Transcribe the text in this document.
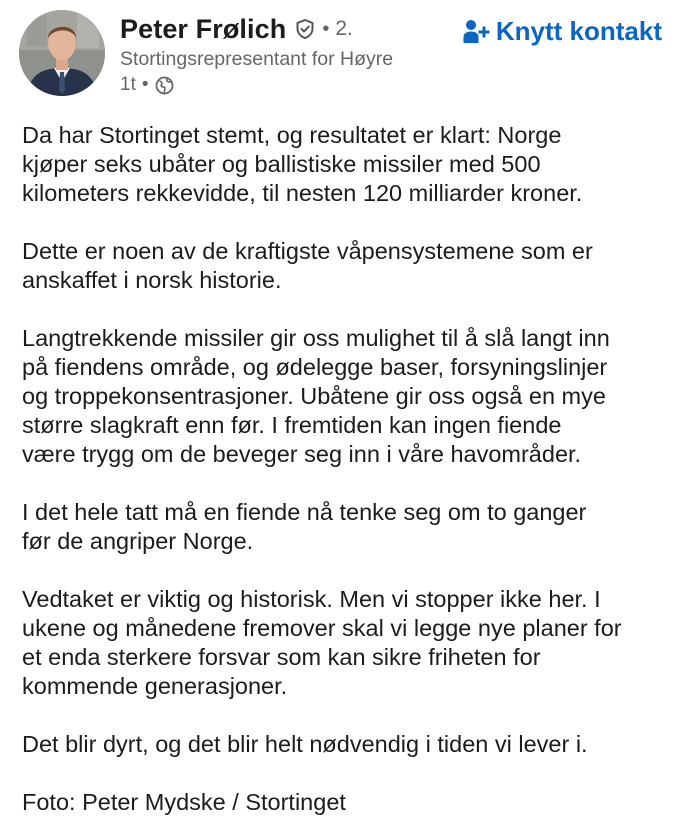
Peter Frølich • 2.
Stortingsrepresentant for Høyre
1t •
Knytt kontakt

Da har Stortinget stemt, og resultatet er klart: Norge
kjøper seks ubåter og ballistiske missiler med 500
kilometers rekkevidde, til nesten 120 milliarder kroner.

Dette er noen av de kraftigste våpensystemene som er
anskaffet i norsk historie.

Langtrekkende missiler gir oss mulighet til å slå langt inn
på fiendens område, og ødelegge baser, forsyningslinjer
og troppekonsentrasjoner. Ubåtene gir oss også en mye
større slagkraft enn før. I fremtiden kan ingen fiende
være trygg om de beveger seg inn i våre havområder.

I det hele tatt må en fiende nå tenke seg om to ganger
før de angriper Norge.

Vedtaket er viktig og historisk. Men vi stopper ikke her. I
ukene og månedene fremover skal vi legge nye planer for
et enda sterkere forsvar som kan sikre friheten for
kommende generasjoner.

Det blir dyrt, og det blir helt nødvendig i tiden vi lever i.

Foto: Peter Mydske / Stortinget
